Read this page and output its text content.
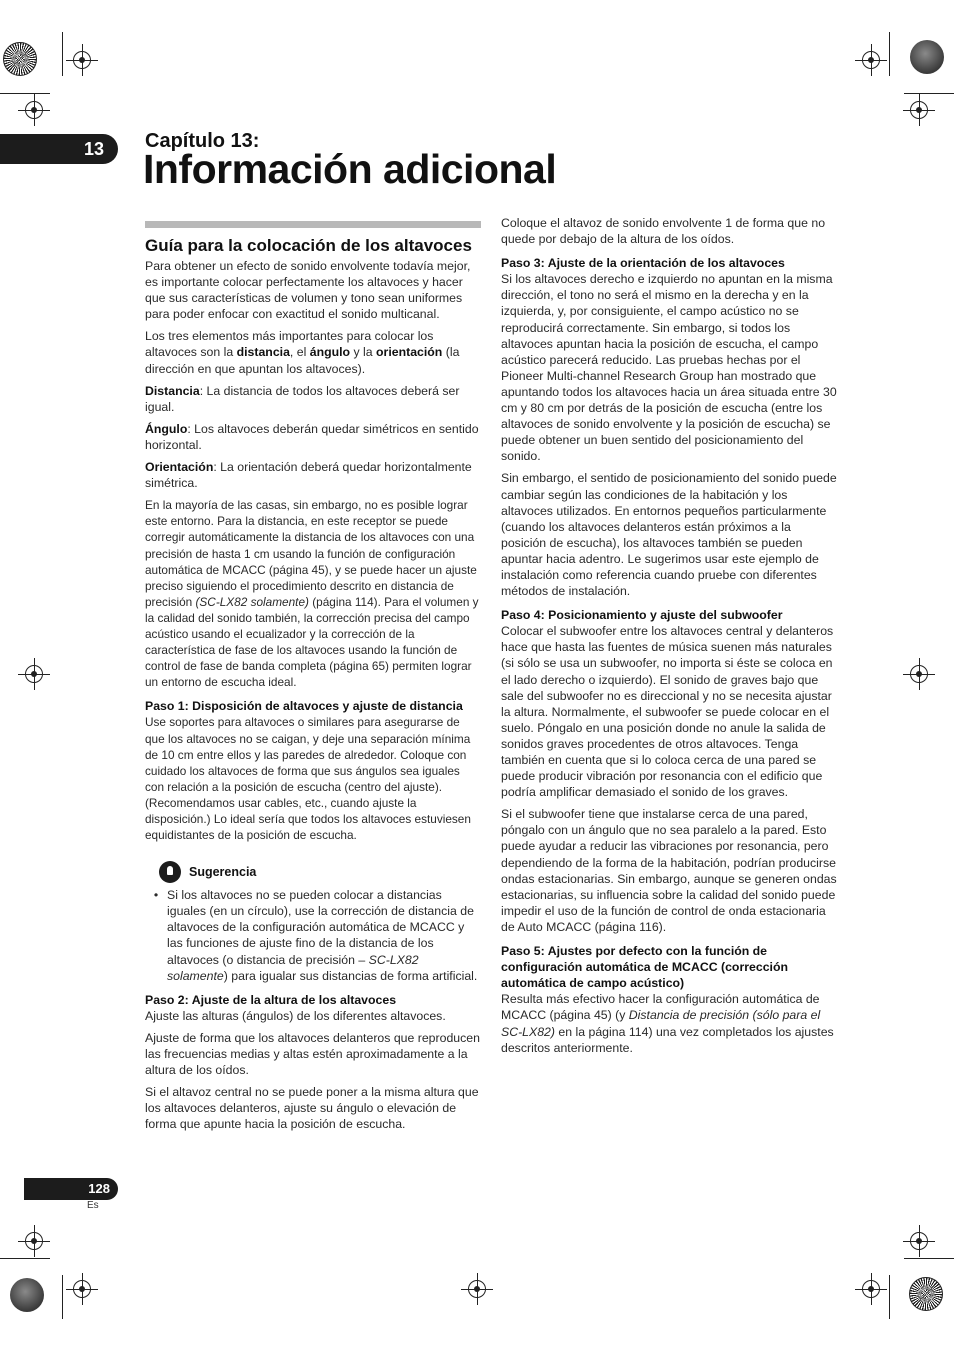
13	Capítulo 13:
Información adicional
Guía para la colocación de los altavoces

Para obtener un efecto de sonido envolvente todavía mejor, es importante colocar perfectamente los altavoces y hacer que sus características de volumen y tono sean uniformes para poder enfocar con exactitud el sonido multicanal.

Los tres elementos más importantes para colocar los altavoces son la distancia, el ángulo y la orientación (la dirección en que apuntan los altavoces).

Distancia: La distancia de todos los altavoces deberá ser igual.

Ángulo: Los altavoces deberán quedar simétricos en sentido horizontal.

Orientación: La orientación deberá quedar horizontalmente simétrica.

En la mayoría de las casas, sin embargo, no es posible lograr este entorno. Para la distancia, en este receptor se puede corregir automáticamente la distancia de los altavoces con una precisión de hasta 1 cm usando la función de configuración automática de MCACC (página 45), y se puede hacer un ajuste preciso siguiendo el procedimiento descrito en distancia de precisión (SC-LX82 solamente) (página 114). Para el volumen y la calidad del sonido también, la corrección precisa del campo acústico usando el ecualizador y la corrección de la característica de fase de los altavoces usando la función de control de fase de banda completa (página 65) permiten lograr un entorno de escucha ideal.

Paso 1: Disposición de altavoces y ajuste de distancia

Use soportes para altavoces o similares para asegurarse de que los altavoces no se caigan, y deje una separación mínima de 10 cm entre ellos y las paredes de alrededor. Coloque con cuidado los altavoces de forma que sus ángulos sea iguales con relación a la posición de escucha (centro del ajuste). (Recomendamos usar cables, etc., cuando ajuste la disposición.) Lo ideal sería que todos los altavoces estuviesen equidistantes de la posición de escucha.

Sugerencia
• Si los altavoces no se pueden colocar a distancias iguales (en un círculo), use la corrección de distancia de altavoces de la configuración automática de MCACC y las funciones de ajuste fino de la distancia de los altavoces (o distancia de precisión – SC-LX82 solamente) para igualar sus distancias de forma artificial.
Paso 2: Ajuste de la altura de los altavoces

Ajuste las alturas (ángulos) de los diferentes altavoces.

Ajuste de forma que los altavoces delanteros que reproducen las frecuencias medias y altas estén aproximadamente a la altura de los oídos.

Si el altavoz central no se puede poner a la misma altura que los altavoces delanteros, ajuste su ángulo o elevación de forma que apunte hacia la posición de escucha.

Coloque el altavoz de sonido envolvente 1 de forma que no quede por debajo de la altura de los oídos.

Paso 3: Ajuste de la orientación de los altavoces

Si los altavoces derecho e izquierdo no apuntan en la misma dirección, el tono no será el mismo en la derecha y en la izquierda, y, por consiguiente, el campo acústico no se reproducirá correctamente. Sin embargo, si todos los altavoces apuntan hacia la posición de escucha, el campo acústico parecerá reducido. Las pruebas hechas por el Pioneer Multi-channel Research Group han mostrado que apuntando todos los altavoces hacia un área situada entre 30 cm y 80 cm por detrás de la posición de escucha (entre los altavoces de sonido envolvente y la posición de escucha) se puede obtener un buen sentido del posicionamiento del sonido.

Sin embargo, el sentido de posicionamiento del sonido puede cambiar según las condiciones de la habitación y los altavoces utilizados. En entornos pequeños particularmente (cuando los altavoces delanteros están próximos a la posición de escucha), los altavoces también se pueden apuntar hacia adentro. Le sugerimos usar este ejemplo de instalación como referencia cuando pruebe con diferentes métodos de instalación.

Paso 4: Posicionamiento y ajuste del subwoofer

Colocar el subwoofer entre los altavoces central y delanteros hace que hasta las fuentes de música suenen más naturales (si sólo se usa un subwoofer, no importa si éste se coloca en el lado derecho o izquierdo). El sonido de graves bajo que sale del subwoofer no es direccional y no se necesita ajustar la altura. Normalmente, el subwoofer se puede colocar en el suelo. Póngalo en una posición donde no anule la salida de sonidos graves procedentes de otros altavoces. Tenga también en cuenta que si lo coloca cerca de una pared se puede producir vibración por resonancia con el edificio que podría amplificar demasiado el sonido de los graves.

Si el subwoofer tiene que instalarse cerca de una pared, póngalo con un ángulo que no sea paralelo a la pared. Esto puede ayudar a reducir las vibraciones por resonancia, pero dependiendo de la forma de la habitación, podrían producirse ondas estacionarias. Sin embargo, aunque se generen ondas estacionarias, su influencia sobre la calidad del sonido puede impedir el uso de la función de control de onda estacionaria de Auto MCACC (página 116).

Paso 5: Ajustes por defecto con la función de configuración automática de MCACC (corrección automática de campo acústico)

Resulta más efectivo hacer la configuración automática de MCACC (página 45) (y Distancia de precisión (sólo para el SC-LX82) en la página 114) una vez completados los ajustes descritos anteriormente.

128
Es
